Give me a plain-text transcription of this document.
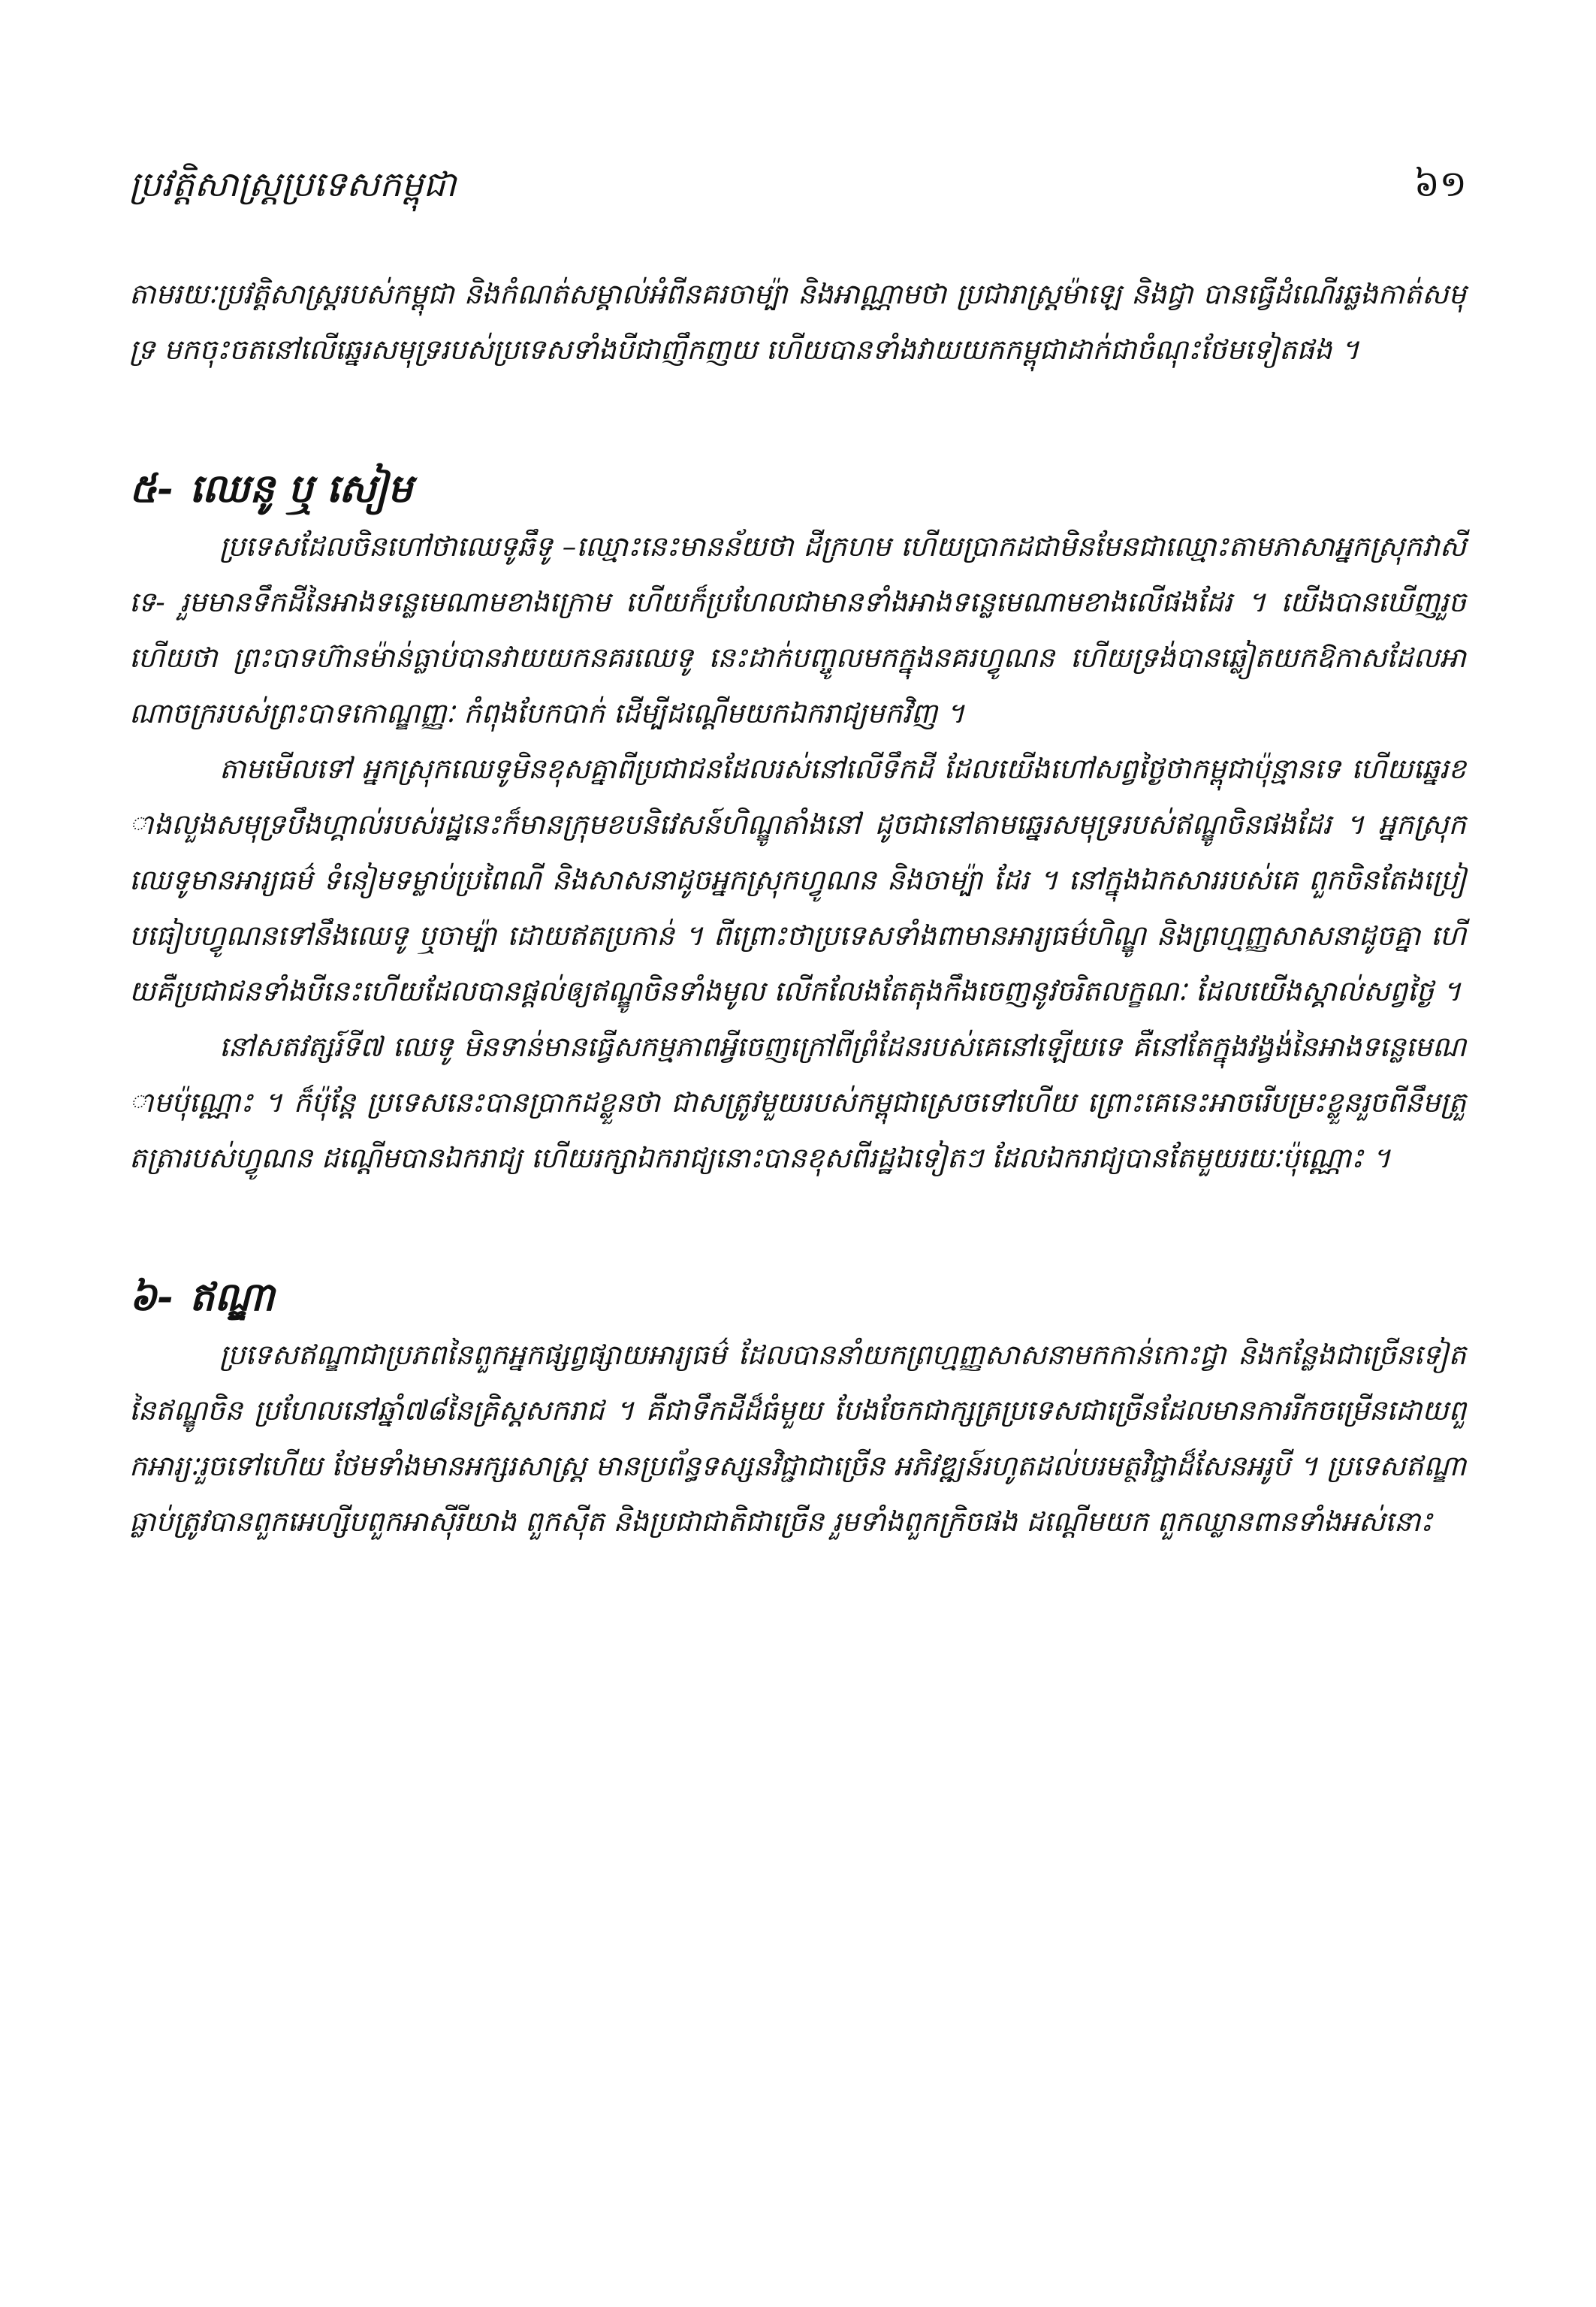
ប្រវត្តិសាស្ត្រប្រទេសកម្ពុជា	៦១

តាមរយៈប្រវត្តិសាស្ត្ររបស់កម្ពុជា និងកំណត់សម្គាល់អំពីនគរចាម្ប៉ា និងអាណ្ណាមថា ប្រជារាស្ត្រម៉ាឡេ និងជ្វា បានធ្វើដំណើរឆ្លងកាត់សមុទ្រ មកចុះចតនៅលើឆ្នេរសមុទ្ររបស់ប្រទេសទាំងបីជាញឹកញយ ហើយបានទាំងវាយយកកម្ពុជាដាក់ជាចំណុះថែមទៀតផង ។

៥- ឈេនូ ឬ សៀម

ប្រទេសដែលចិនហៅថាឈេទូឆឹទូ –ឈ្មោះនេះមានន័យថា ដីក្រហម ហើយប្រាកដជាមិនមែនជាឈ្មោះតាមភាសាអ្នកស្រុកវាសីទេ- រួមមានទឹកដីនៃអាងទន្លេមេណាមខាងក្រោម ហើយក៏ប្រហែលជាមានទាំងអាងទន្លេមេណាមខាងលើផងដែរ ។ យើងបានឃើញរួចហើយថា ព្រះបាទហ៊ានម៉ាន់ធ្លាប់បានវាយយកនគរឈេទូ នេះដាក់បញ្ចូលមកក្នុងនគរហ្វូណន ហើយទ្រង់បានឆ្លៀតយកឱកាសដែលអាណាចក្ររបស់ព្រះបាទកោណ្ឌញ្ញៈ កំពុងបែកបាក់ ដើម្បីដណ្តើមយកឯករាជ្យមកវិញ ។

តាមមើលទៅ អ្នកស្រុកឈេទូមិនខុសគ្នាពីប្រជាជនដែលរស់នៅលើទឹកដី ដែលយើងហៅសព្វថ្ងៃថាកម្ពុជាប៉ុន្មានទេ ហើយឆ្នេរខាងលួងសមុទ្របឹងហ្គាល់របស់រដ្ឋនេះក៏មានក្រុមខបនិវេសន៍ហិណ្ឌូតាំងនៅ ដូចជានៅតាមឆ្នេរសមុទ្ររបស់ឥណ្ឌូចិនផងដែរ ។ អ្នកស្រុកឈេទូមានអារ្យធម៌ ទំនៀមទម្លាប់ប្រពៃណី និងសាសនាដូចអ្នកស្រុកហ្វូណន និងចាម្ប៉ា ដែរ ។ នៅក្នុងឯកសាររបស់គេ ពួកចិនតែងប្រៀបធៀបហ្វូណនទៅនឹងឈេទូ ឬចាម្ប៉ា ដោយឥតប្រកាន់ ។ ពីព្រោះថាប្រទេសទាំងពាមានអារ្យធម៌ហិណ្ឌូ និងព្រហ្មញ្ញសាសនាដូចគ្នា ហើយគឺប្រជាជនទាំងបីនេះហើយដែលបានផ្តល់ឲ្យឥណ្ឌូចិនទាំងមូល លើកលែងតែតុងកឹងចេញនូវចរិតលក្ខណៈ ដែលយើងស្គាល់សព្វថ្ងៃ ។

នៅសតវត្សរ៍ទី៧ ឈេទូ មិនទាន់មានធ្វើសកម្មភាពអ្វីចេញក្រៅពីព្រំដែនរបស់គេនៅឡើយទេ គឺនៅតែក្នុងវង្វង់នៃអាងទន្លេមេណាមប៉ុណ្ណោះ ។ ក៏ប៉ុន្តែ ប្រទេសនេះបានប្រាកដខ្លួនថា ជាសត្រូវមួយរបស់កម្ពុជាស្រេចទៅហើយ ព្រោះគេនេះអាចរើបម្រះខ្លួនរួចពីនឹមត្រួតត្រារបស់ហ្វូណន ដណ្តើមបានឯករាជ្យ ហើយរក្សាឯករាជ្យនោះបានខុសពីរដ្ឋឯទៀតៗ ដែលឯករាជ្យបានតែមួយរយៈប៉ុណ្ណោះ ។

៦- ឥណ្ឌា

ប្រទេសឥណ្ឌាជាប្រភពនៃពួកអ្នកផ្សព្វផ្សាយអារ្យធម៌ ដែលបាននាំយកព្រហ្មញ្ញសាសនាមកកាន់កោះជ្វា និងកន្លែងជាច្រើនទៀតនៃឥណ្ឌូចិន ប្រហែលនៅឆ្នាំ៧៨នៃគ្រិស្តសករាជ ។ គឺជាទឹកដីដ៏ធំមួយ បែងចែកជាក្សត្រប្រទេសជាច្រើនដែលមានការរីកចម្រើនដោយពួកអារ្យៈរួចទៅហើយ ថែមទាំងមានអក្សរសាស្ត្រ មានប្រព័ន្ធទស្សនវិជ្ជាជាច្រើន អភិវឌ្ឍន៍រហូតដល់បរមត្ថវិជ្ជាដ៏សែនអរូបី ។ ប្រទេសឥណ្ឌាធ្លាប់ត្រូវបានពួកអេហ្សីបពួកអាស៊ីរីយាង ពួកស៊ីត និងប្រជាជាតិជាច្រើន រួមទាំងពួកក្រិចផង ដណ្តើមយក ពួកឈ្លានពានទាំងអស់នោះ
